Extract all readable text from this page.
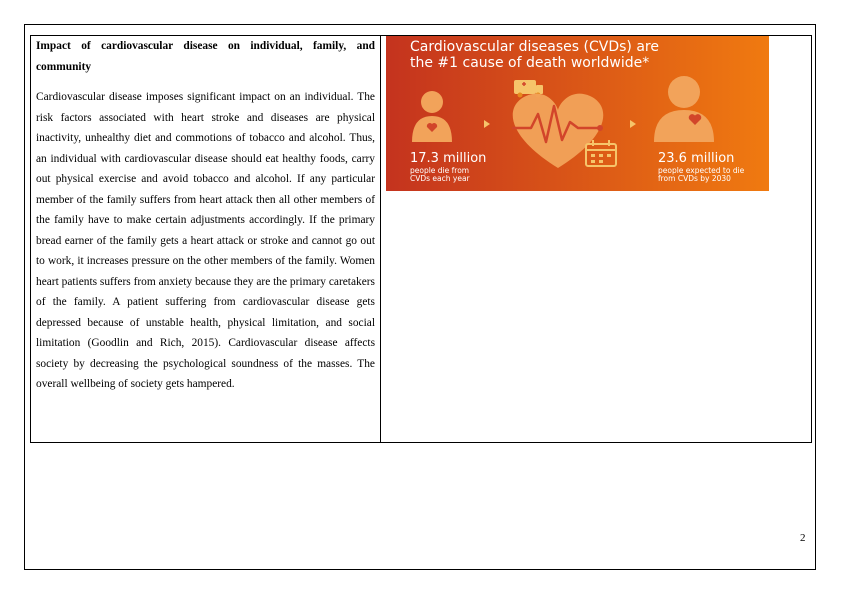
Impact of cardiovascular disease on individual, family, and community

Cardiovascular disease imposes significant impact on an individual. The risk factors associated with heart stroke and diseases are physical inactivity, unhealthy diet and commotions of tobacco and alcohol. Thus, an individual with cardiovascular disease should eat healthy foods, carry out physical exercise and avoid tobacco and alcohol. If any particular member of the family suffers from heart attack then all other members of the family have to make certain adjustments accordingly. If the primary bread earner of the family gets a heart attack or stroke and cannot go out to work, it increases pressure on the other members of the family. Women heart patients suffers from anxiety because they are the primary caretakers of the family. A patient suffering from cardiovascular disease gets depressed because of unstable health, physical limitation, and social limitation (Goodlin and Rich, 2015). Cardiovascular disease affects society by decreasing the psychological soundness of the masses. The overall wellbeing of society gets hampered.

Cardiovascular diseases (CVDs) are
the #1 cause of death worldwide*
17.3 million
people die from
CVDs each year
23.6 million
people expected to die
from CVDs by 2030
2
